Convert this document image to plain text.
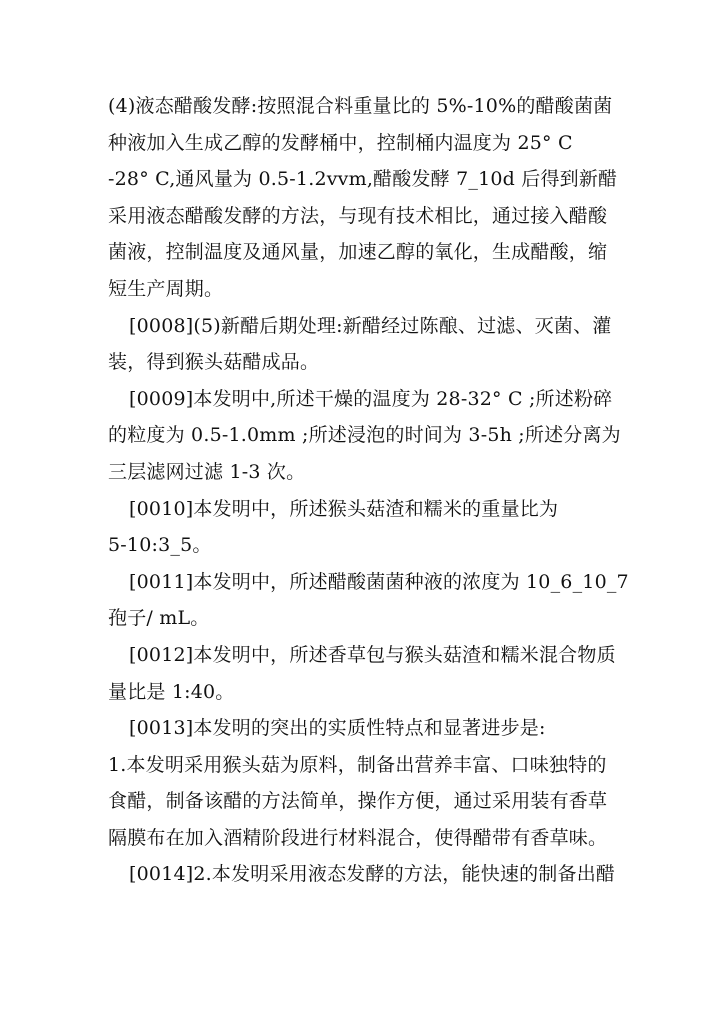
(4)液态醋酸发酵:按照混合料重量比的 5%-10%的醋酸菌菌
种液加入生成乙醇的发酵桶中，控制桶内温度为 25° C
-28° C,通风量为 0.5-1.2vvm,醋酸发酵 7_10d 后得到新醋
采用液态醋酸发酵的方法，与现有技术相比，通过接入醋酸
菌液，控制温度及通风量，加速乙醇的氧化，生成醋酸，缩
短生产周期。
[0008](5)新醋后期处理:新醋经过陈酿、过滤、灭菌、灌
装，得到猴头菇醋成品。
[0009]本发明中,所述干燥的温度为 28-32° C ;所述粉碎
的粒度为 0.5-1.0mm ;所述浸泡的时间为 3-5h ;所述分离为
三层滤网过滤 1-3 次。
[0010]本发明中，所述猴头菇渣和糯米的重量比为
5-10:3_5。
[0011]本发明中，所述醋酸菌菌种液的浓度为 10_6_10_7
孢子/ mL。
[0012]本发明中，所述香草包与猴头菇渣和糯米混合物质
量比是 1:40。
[0013]本发明的突出的实质性特点和显著进步是:
1.本发明采用猴头菇为原料，制备出营养丰富、口味独特的
食醋，制备该醋的方法简单，操作方便，通过采用装有香草
隔膜布在加入酒精阶段进行材料混合，使得醋带有香草味。
[0014]2.本发明采用液态发酵的方法，能快速的制备出醋
